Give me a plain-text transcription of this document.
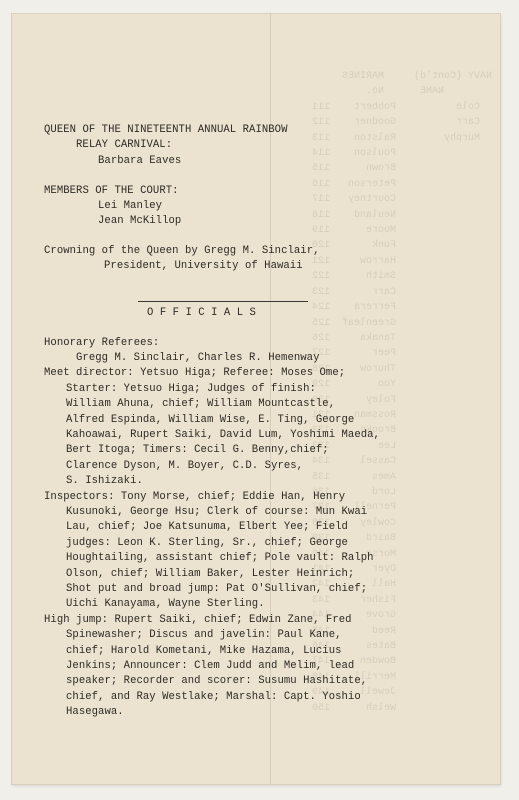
NAVY (Cont'd)     MARINES
NAME      No.
Cole          Pobbert    111
Carr          Goodner    112
Murphy        Ralston    113
Poulson    114
Brown      115
Peterson   116
Courtney   117
Neuland    118
Moore      119
Funk       120
Harrow     121
Smith      122
Carr       123
Ferrera    124
Greenleaf  125
Tanaka     126
Peer       127
Thurow     128
Yoo        129
Foley      130
Rossman    131
Brooks     132
Lee        133
Cassel     134
Ames       135
Lord       136
Pernell    137
Cowley     138
Baird      139
Morse      140
Dyer       141
Hall       142
Fisher     143
Grove      144
Reed       145
Bates      146
Bowden     147
Merrill    148
Jewell     149
Welsh      150
QUEEN OF THE NINETEENTH ANNUAL RAINBOW
RELAY CARNIVAL:
Barbara Eaves
MEMBERS OF THE COURT:
Lei Manley
Jean McKillop
Crowning of the Queen by Gregg M. Sinclair,
President, University of Hawaii
O F F I C I A L S
Honorary Referees:
Gregg M. Sinclair, Charles R. Hemenway
Meet director: Yetsuo Higa; Referee: Moses Ome;
Starter: Yetsuo Higa; Judges of finish:
William Ahuna, chief; William Mountcastle,
Alfred Espinda, William Wise, E. Ting, George
Kahoawai, Rupert Saiki, David Lum, Yoshimi Maeda,
Bert Itoga; Timers: Cecil G. Benny,chief;
Clarence Dyson, M. Boyer, C.D. Syres,
S. Ishizaki.
Inspectors: Tony Morse, chief; Eddie Han, Henry
Kusunoki, George Hsu; Clerk of course: Mun Kwai
Lau, chief; Joe Katsunuma, Elbert Yee; Field
judges: Leon K. Sterling, Sr., chief; George
Houghtailing, assistant chief; Pole vault: Ralph
Olson, chief; William Baker, Lester Heinrich;
Shot put and broad jump: Pat O'Sullivan, chief;
Uichi Kanayama, Wayne Sterling.
High jump: Rupert Saiki, chief; Edwin Zane, Fred
Spinewasher; Discus and javelin: Paul Kane,
chief; Harold Kometani, Mike Hazama, Lucius
Jenkins; Announcer: Clem Judd and Melim, lead
speaker; Recorder and scorer: Susumu Hashitate,
chief, and Ray Westlake; Marshal: Capt. Yoshio
Hasegawa.
